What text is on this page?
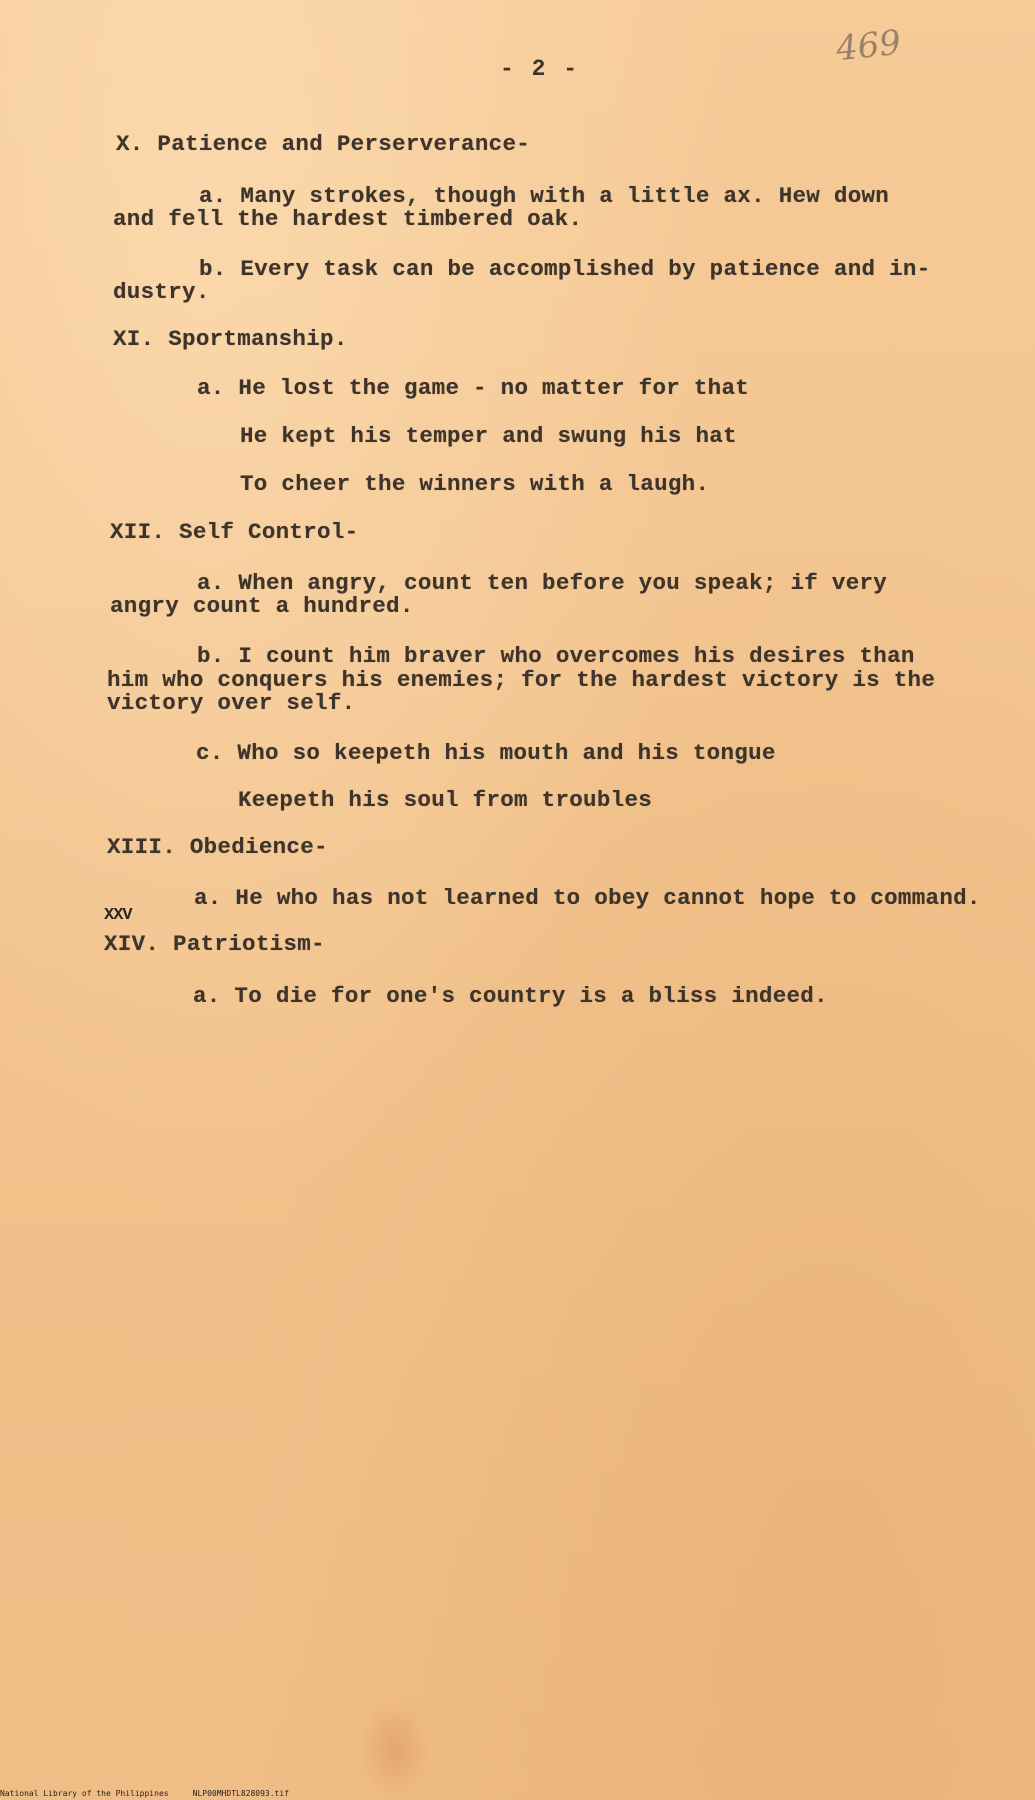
- 2 -	469
X. Patience and Perserverance-
a. Many strokes, though with a little ax. Hew down
and fell the hardest timbered oak.
b. Every task can be accomplished by patience and in-
dustry.
XI. Sportmanship.
a. He lost the game - no matter for that
He kept his temper and swung his hat
To cheer the winners with a laugh.
XII. Self Control-
a. When angry, count ten before you speak; if very
angry count a hundred.
b. I count him braver who overcomes his desires than
him who conquers his enemies; for the hardest victory is the
victory over self.
c. Who so keepeth his mouth and his tongue
Keepeth his soul from troubles
XIII. Obedience-
a. He who has not learned to obey cannot hope to command.
XXV
XIV. Patriotism-
a. To die for one's country is a bliss indeed.
National Library of the Philippines     NLP00MHDTL828093.tif
